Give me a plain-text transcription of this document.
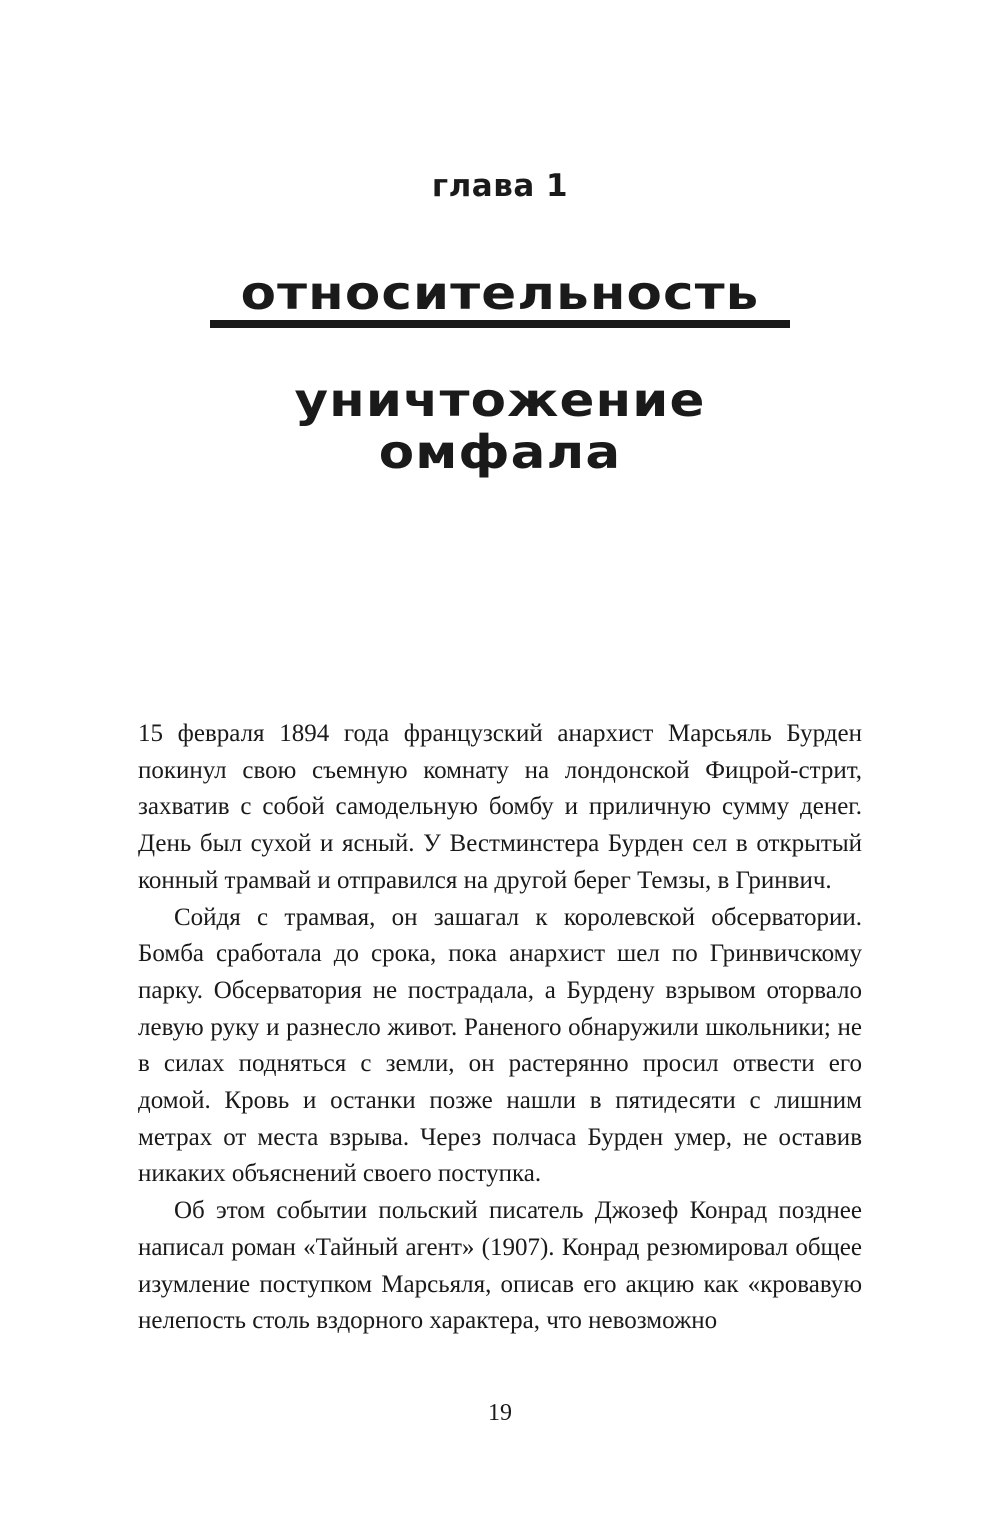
глава 1
относительность
уничтожение
омфала

15 февраля 1894 года французский анархист Марсьяль Бурден покинул свою съемную комнату на лондонской Фицрой-стрит, захватив с собой самодельную бомбу и приличную сумму денег. День был сухой и ясный. У Вестминстера Бурден сел в открытый конный трамвай и отправился на другой берег Темзы, в Гринвич.

Сойдя с трамвая, он зашагал к королевской обсерватории. Бомба сработала до срока, пока анархист шел по Гринвичскому парку. Обсерватория не пострадала, а Бурдену взрывом оторвало левую руку и разнесло живот. Раненого обнаружили школьники; не в силах подняться с земли, он растерянно просил отвести его домой. Кровь и останки позже нашли в пятидесяти с лишним метрах от места взрыва. Через полчаса Бурден умер, не оставив никаких объяснений своего поступка.

Об этом событии польский писатель Джозеф Конрад позднее написал роман «Тайный агент» (1907). Конрад резюмировал общее изумление поступком Марсьяля, описав его акцию как «кровавую нелепость столь вздорного характера, что невозможно

19
